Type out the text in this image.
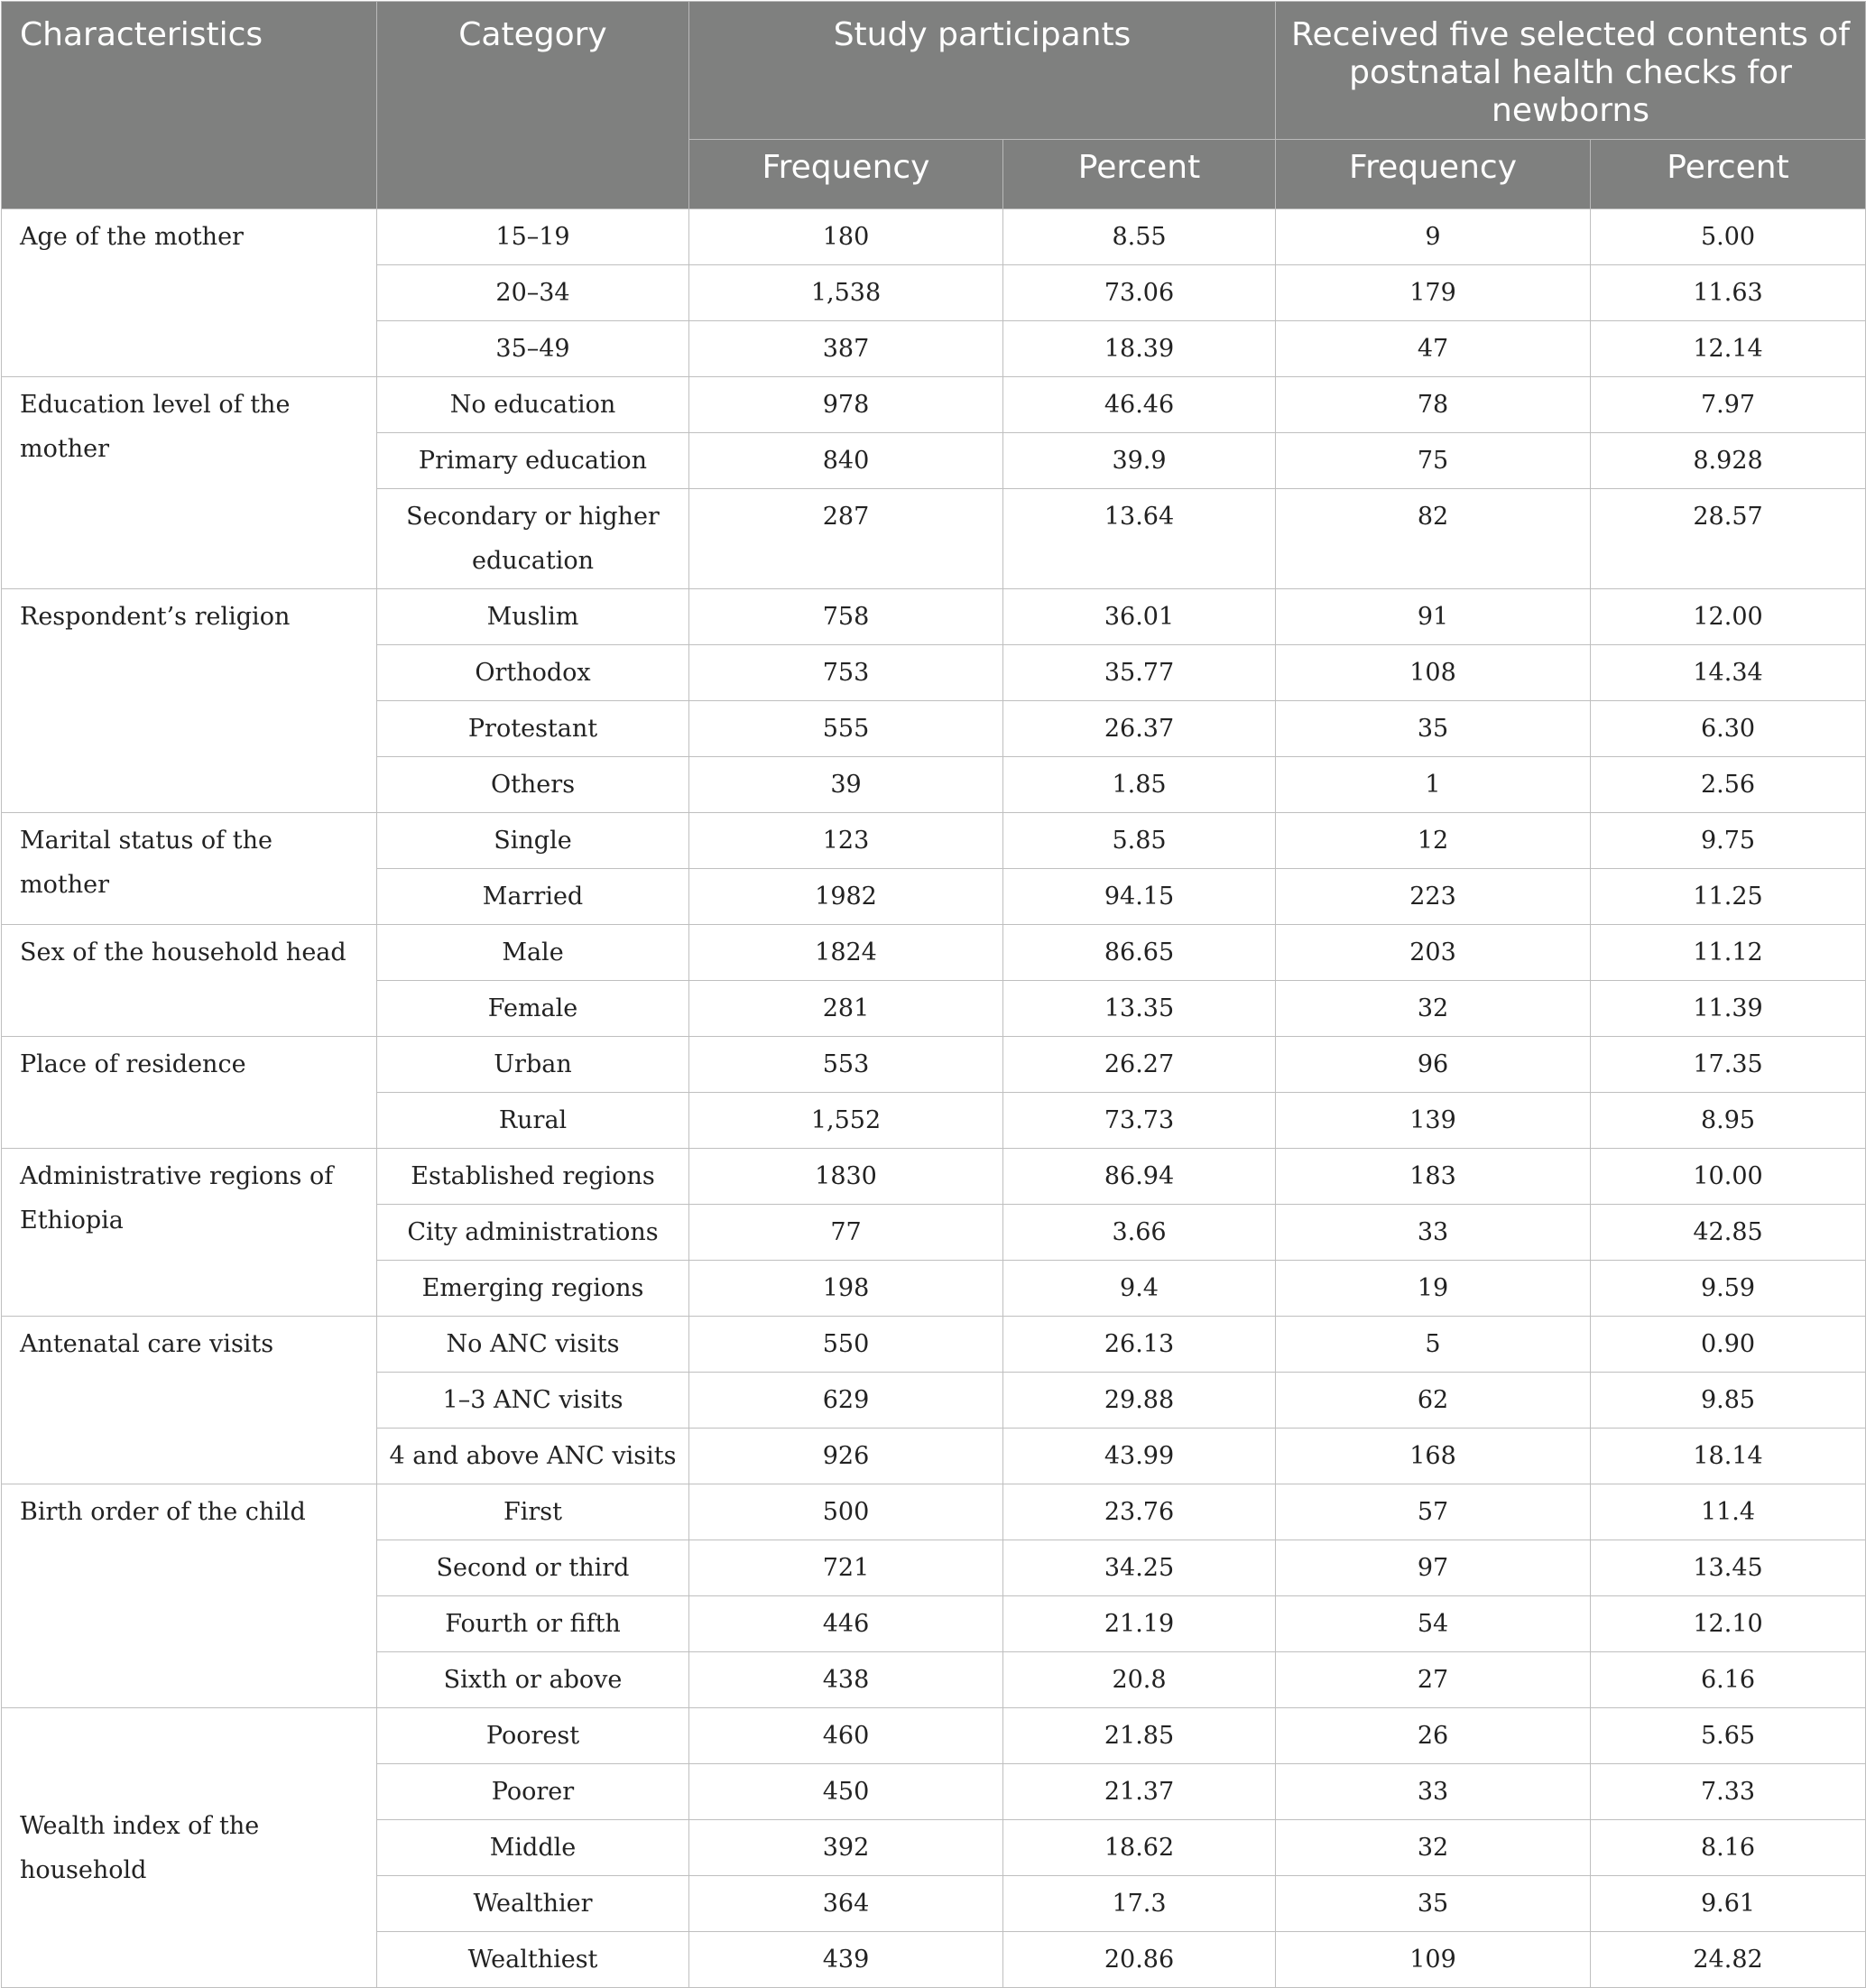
Characteristics	Category	Study participants		Received five selected contents of postnatal health checks for newborns	
		Frequency	Percent	Frequency	Percent
Age of the mother	15–19	180	8.55	9	5.00
	20–34	1,538	73.06	179	11.63
	35–49	387	18.39	47	12.14
Education level of the mother	No education	978	46.46	78	7.97
	Primary education	840	39.9	75	8.928
	Secondary or higher education	287	13.64	82	28.57
Respondent’s religion	Muslim	758	36.01	91	12.00
	Orthodox	753	35.77	108	14.34
	Protestant	555	26.37	35	6.30
	Others	39	1.85	1	2.56
Marital status of the mother	Single	123	5.85	12	9.75
	Married	1982	94.15	223	11.25
Sex of the household head	Male	1824	86.65	203	11.12
	Female	281	13.35	32	11.39
Place of residence	Urban	553	26.27	96	17.35
	Rural	1,552	73.73	139	8.95
Administrative regions of Ethiopia	Established regions	1830	86.94	183	10.00
	City administrations	77	3.66	33	42.85
	Emerging regions	198	9.4	19	9.59
Antenatal care visits	No ANC visits	550	26.13	5	0.90
	1–3 ANC visits	629	29.88	62	9.85
	4 and above ANC visits	926	43.99	168	18.14
Birth order of the child	First	500	23.76	57	11.4
	Second or third	721	34.25	97	13.45
	Fourth or fifth	446	21.19	54	12.10
	Sixth or above	438	20.8	27	6.16
Wealth index of the household	Poorest	460	21.85	26	5.65
	Poorer	450	21.37	33	7.33
	Middle	392	18.62	32	8.16
	Wealthier	364	17.3	35	9.61
	Wealthiest	439	20.86	109	24.82
